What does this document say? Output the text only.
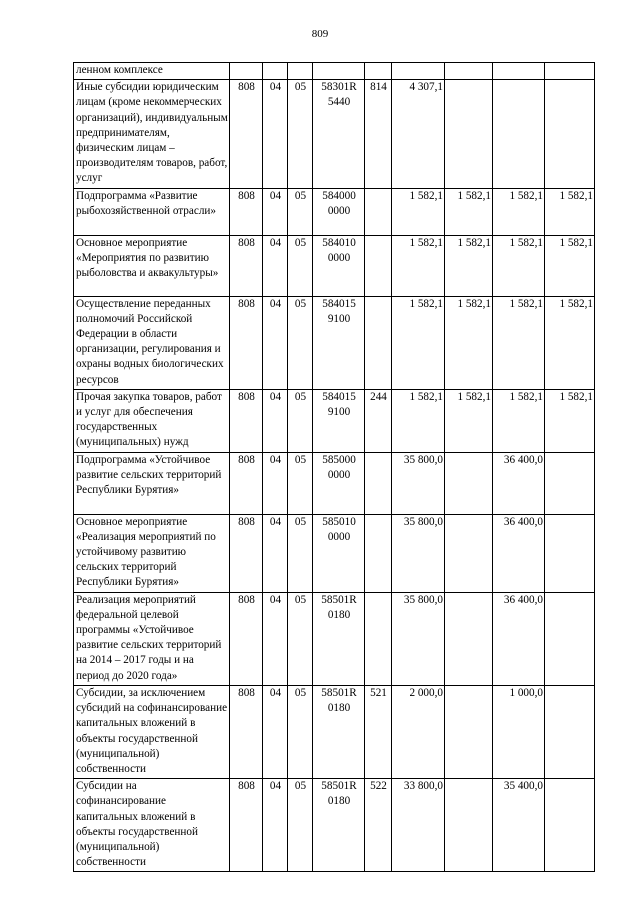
809
ленном комплексе									
Иные субсидии юридическим лицам (кроме некоммерческих организаций), индивидуальным предпринимателям, физическим лицам – производителям товаров, работ, услуг	808	04	05	58301R 5440	814	4 307,1			
Подпрограмма «Развитие рыбохозяйственной отрасли»	808	04	05	584000 0000		1 582,1	1 582,1	1 582,1	1 582,1
Основное мероприятие «Мероприятия по развитию рыболовства и аквакультуры»	808	04	05	584010 0000		1 582,1	1 582,1	1 582,1	1 582,1
Осуществление переданных полномочий Российской Федерации в области организации, регулирования и охраны водных биологических ресурсов	808	04	05	584015 9100		1 582,1	1 582,1	1 582,1	1 582,1
Прочая закупка товаров, работ и услуг для обеспечения государственных (муниципальных) нужд	808	04	05	584015 9100	244	1 582,1	1 582,1	1 582,1	1 582,1
Подпрограмма «Устойчивое развитие сельских территорий Республики Бурятия»	808	04	05	585000 0000		35 800,0		36 400,0	
Основное мероприятие «Реализация мероприятий по устойчивому развитию сельских территорий Республики Бурятия»	808	04	05	585010 0000		35 800,0		36 400,0	
Реализация мероприятий федеральной целевой программы «Устойчивое развитие сельских территорий на 2014 – 2017 годы и на период до 2020 года»	808	04	05	58501R 0180		35 800,0		36 400,0	
Субсидии, за исключением субсидий на софинансирование капитальных вложений в объекты государственной (муниципальной) собственности	808	04	05	58501R 0180	521	2 000,0		1 000,0	
Субсидии на софинансирование капитальных вложений в объекты государственной (муниципальной) собственности	808	04	05	58501R 0180	522	33 800,0		35 400,0	
